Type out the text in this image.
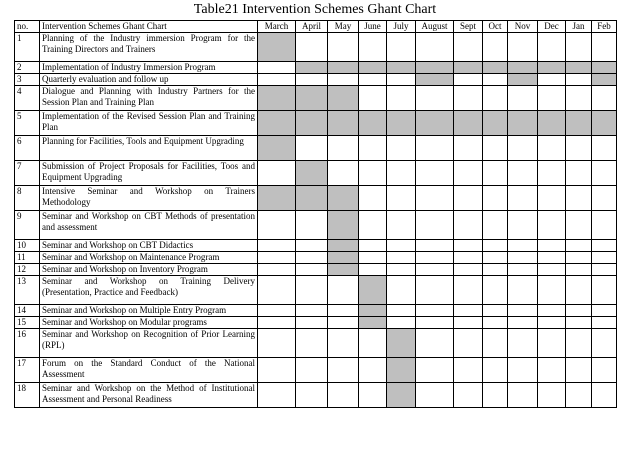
Table21 Intervention Schemes Ghant Chart
no.	Intervention Schemes Ghant Chart	March	April	May	June	July	August	Sept	Oct	Nov	Dec	Jan	Feb
1	Planning of the Industry immersion Program for the Training Directors and Trainers												
2	Implementation of Industry Immersion Program												
3	Quarterly evaluation and follow up												
4	Dialogue and Planning with Industry Partners for the Session Plan and Training Plan												
5	Implementation of the Revised Session Plan and Training Plan												
6	Planning for Facilities, Tools and Equipment Upgrading												
7	Submission of Project Proposals for Facilities, Toos and Equipment Upgrading												
8	Intensive Seminar and Workshop on Trainers Methodology												
9	Seminar and Workshop on CBT Methods of presentation and assessment												
10	Seminar and Workshop on CBT Didactics												
11	Seminar and Workshop on Maintenance Program												
12	Seminar and Workshop on Inventory Program												
13	Seminar and Workshop on Training Delivery (Presentation, Practice and Feedback)												
14	Seminar and Workshop on Multiple Entry Program												
15	Seminar and Workshop on Modular programs												
16	Seminar and Workshop on Recognition of Prior Learning (RPL)												
17	Forum on the Standard Conduct of the National Assessment												
18	Seminar and Workshop on the Method of Institutional Assessment and Personal Readiness												
